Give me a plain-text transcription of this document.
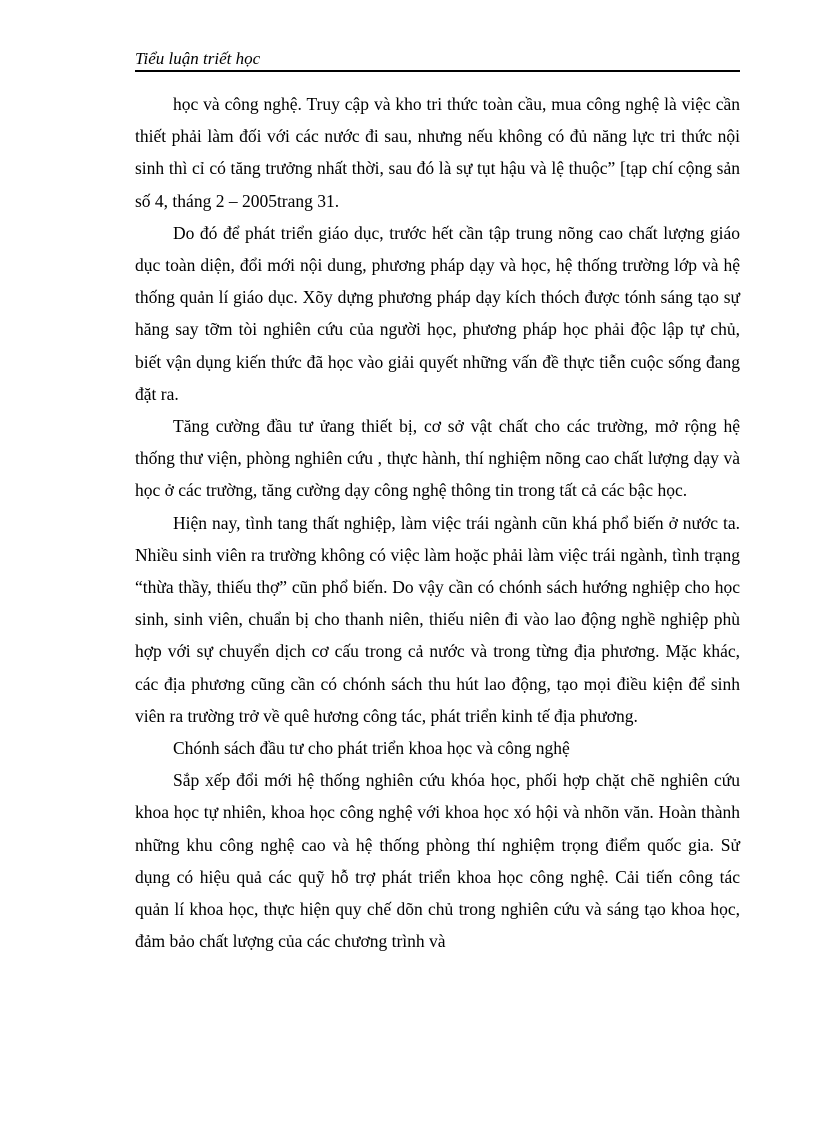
Tiểu luận triết học

học và công nghệ. Truy cập và kho tri thức toàn cầu, mua công nghệ là việc cần thiết phải làm đối với các nước đi sau, nhưng nếu không có đủ năng lực tri thức nội sinh thì cỉ có tăng trưởng nhất thời, sau đó là sự tụt hậu và lệ thuộc” [tạp chí cộng sản số 4, tháng 2 – 2005trang 31.

Do đó để phát triển giáo dục, trước hết cần tập trung nõng cao chất lượng giáo dục toàn diện, đổi mới nội dung, phương pháp dạy và học, hệ thống trường lớp và hệ thống quản lí giáo dục. Xõy dựng phương pháp dạy kích thóch được tónh sáng tạo sự hăng say tỡm tòi nghiên cứu của người học, phương pháp học phải độc lập tự chủ, biết vận dụng kiến thức đã học vào giải quyết những vấn đề thực tiễn cuộc sống đang đặt ra.

Tăng cường đầu tư ửang thiết bị, cơ sở vật chất cho các trường, mở rộng hệ thống thư viện, phòng nghiên cứu , thực hành, thí nghiệm nõng cao chất lượng dạy và học ở các trường, tăng cường dạy công nghệ thông tin trong tất cả các bậc học.

Hiện nay, tình tang thất nghiệp, làm việc trái ngành cũn khá phổ biến ở nước ta. Nhiều sinh viên ra trường không có việc làm hoặc phải làm việc trái ngành, tình trạng “thừa thầy, thiếu thợ” cũn phổ biến. Do vậy cần có chónh sách hướng nghiệp cho học sinh, sinh viên, chuẩn bị cho thanh niên, thiếu niên đi vào lao động nghề nghiệp phù hợp với sự chuyển dịch cơ cấu trong cả nước và trong từng địa phương. Mặc khác, các địa phương cũng cần có chónh sách thu hút lao động, tạo mọi điều kiện để sinh viên ra trường trở về quê hương công tác, phát triển kinh tế địa phương.

Chónh sách đầu tư cho phát triển khoa học và công nghệ

Sắp xếp đổi mới hệ thống nghiên cứu khóa học, phối hợp chặt chẽ nghiên cứu khoa học tự nhiên, khoa học công nghệ với khoa học xó hội và nhõn văn. Hoàn thành những khu công nghệ cao và hệ thống phòng thí nghiệm trọng điểm quốc gia. Sử dụng có hiệu quả các quỹ hỗ trợ phát triển khoa học công nghệ. Cải tiến công tác quản lí khoa học, thực hiện quy chế dõn chủ trong nghiên cứu và sáng tạo khoa học, đảm bảo chất lượng của các chương trình và
